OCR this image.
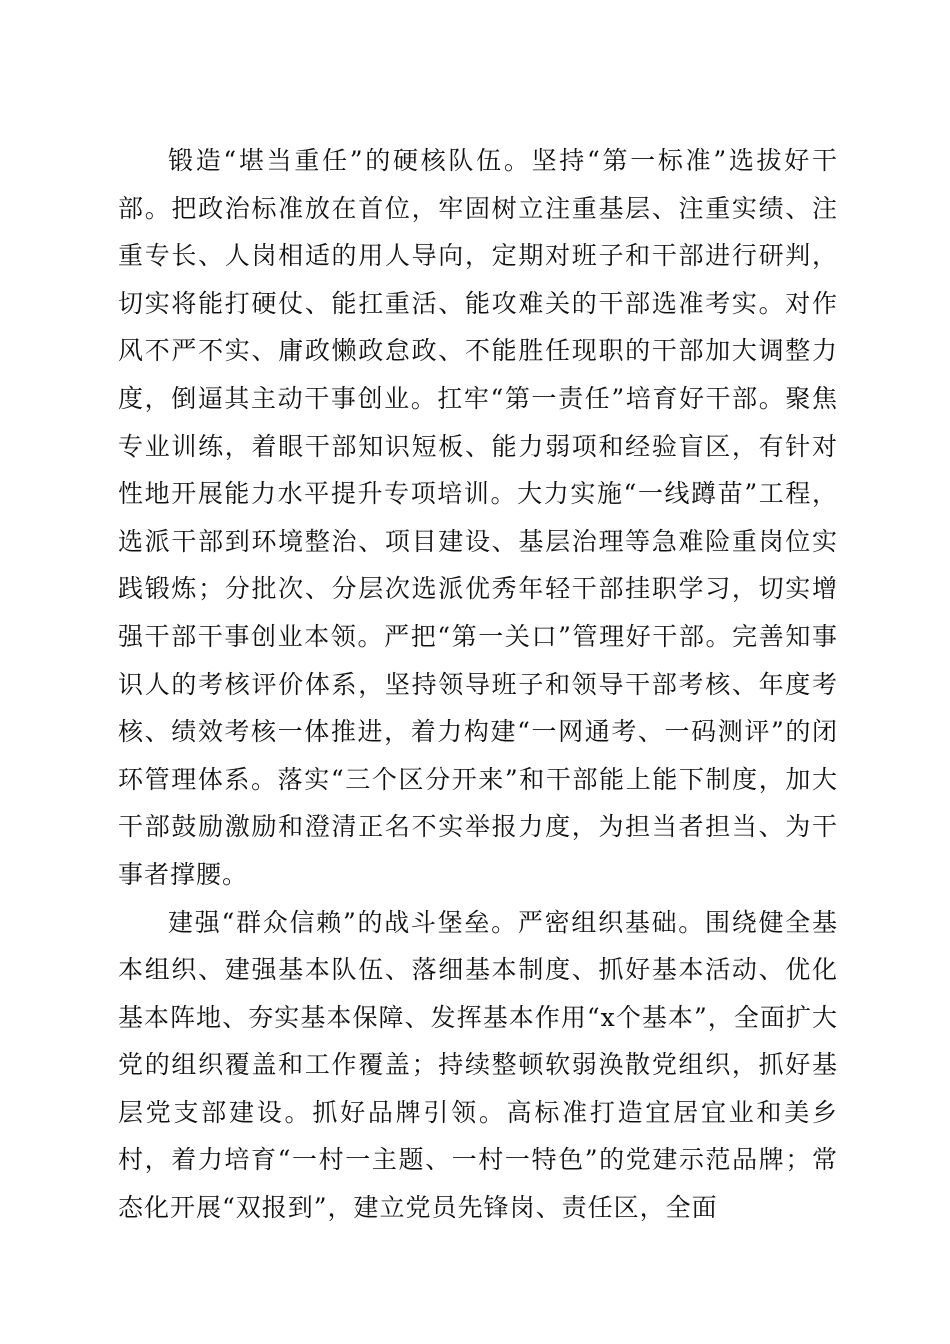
锻造“堪当重任”的硬核队伍。坚持“第一标准”选拔好干部。把政治标准放在首位，牢固树立注重基层、注重实绩、注重专长、人岗相适的用人导向，定期对班子和干部进行研判，切实将能打硬仗、能扛重活、能攻难关的干部选准考实。对作风不严不实、庸政懒政怠政、不能胜任现职的干部加大调整力度，倒逼其主动干事创业。扛牢“第一责任”培育好干部。聚焦专业训练，着眼干部知识短板、能力弱项和经验盲区，有针对性地开展能力水平提升专项培训。大力实施“一线蹲苗”工程，选派干部到环境整治、项目建设、基层治理等急难险重岗位实践锻炼；分批次、分层次选派优秀年轻干部挂职学习，切实增强干部干事创业本领。严把“第一关口”管理好干部。完善知事识人的考核评价体系，坚持领导班子和领导干部考核、年度考核、绩效考核一体推进，着力构建“一网通考、一码测评”的闭环管理体系。落实“三个区分开来”和干部能上能下制度，加大干部鼓励激励和澄清正名不实举报力度，为担当者担当、为干事者撑腰。

建强“群众信赖”的战斗堡垒。严密组织基础。围绕健全基本组织、建强基本队伍、落细基本制度、抓好基本活动、优化基本阵地、夯实基本保障、发挥基本作用“x个基本”，全面扩大党的组织覆盖和工作覆盖；持续整顿软弱涣散党组织，抓好基层党支部建设。抓好品牌引领。高标准打造宜居宜业和美乡村，着力培育“一村一主题、一村一特色”的党建示范品牌；常态化开展“双报到”，建立党员先锋岗、责任区，全面
